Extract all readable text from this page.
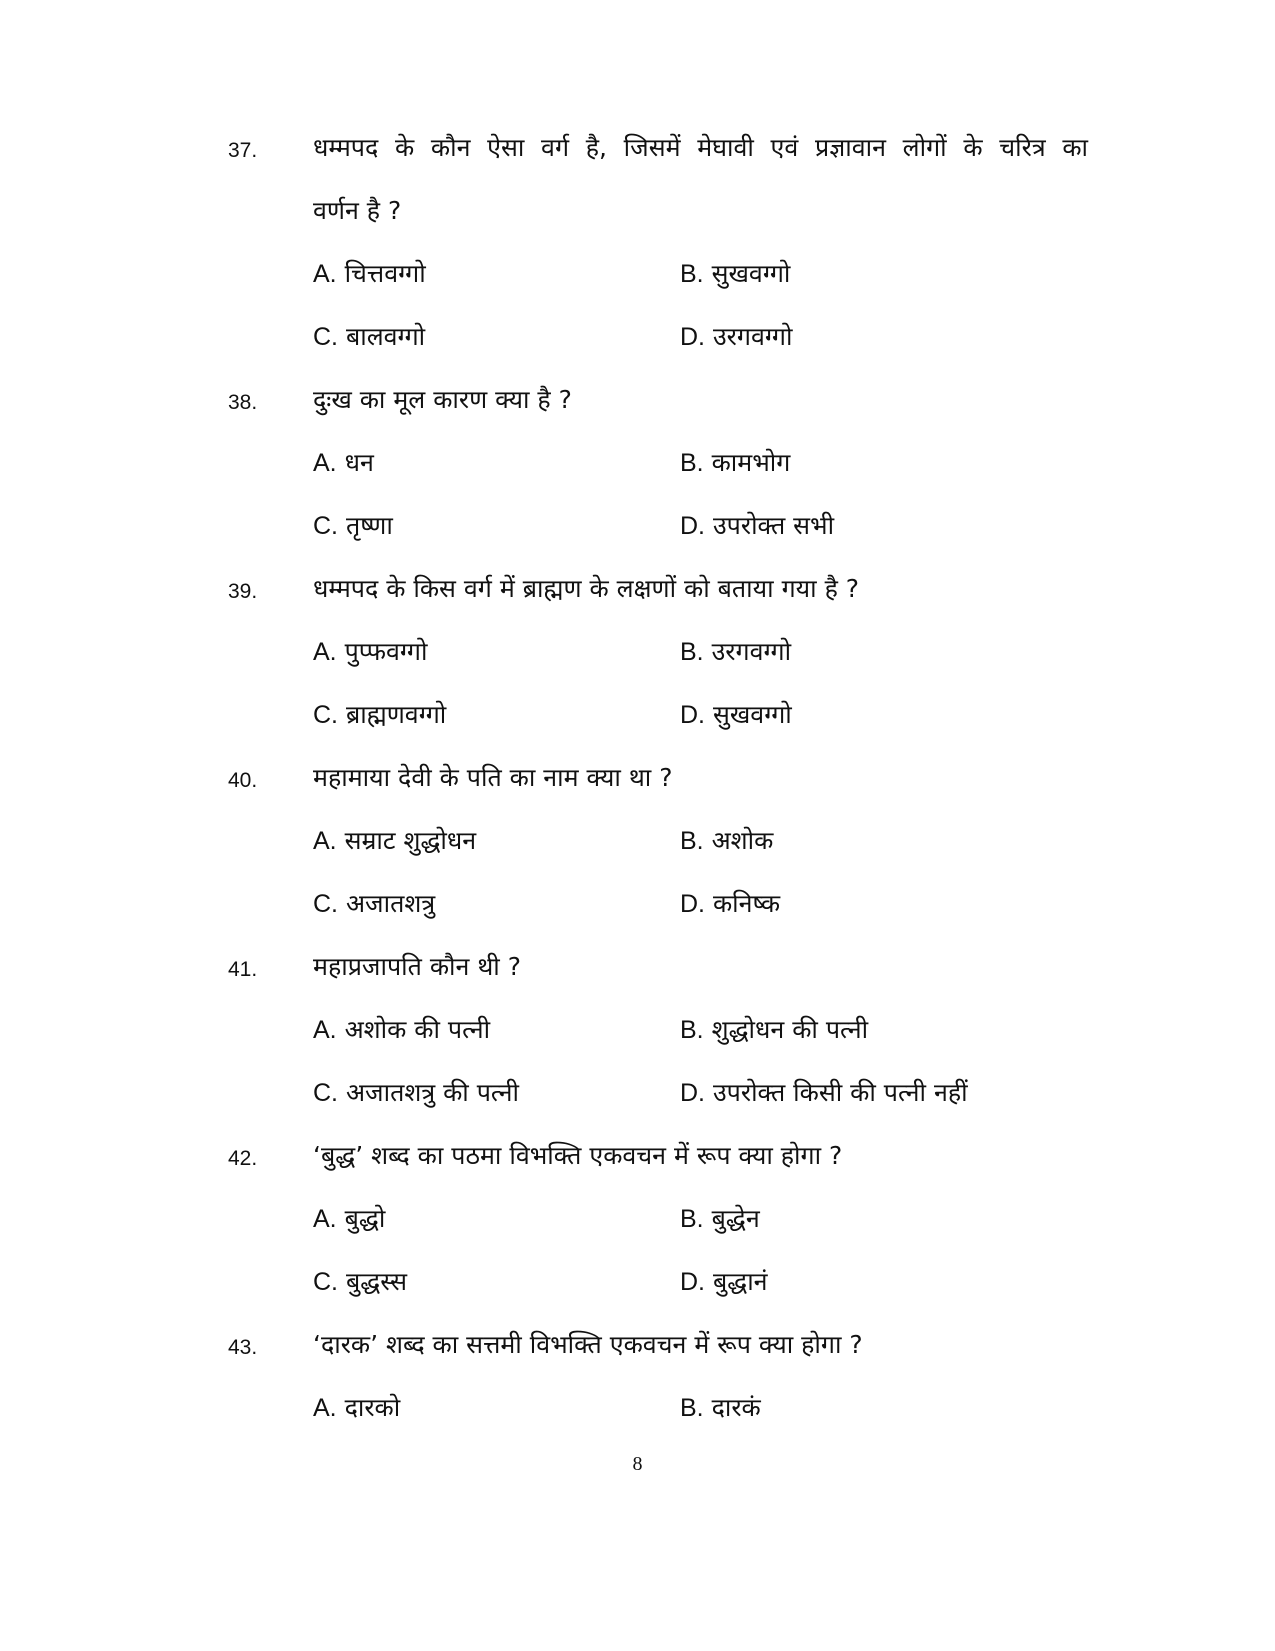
37. धम्मपद के कौन ऐसा वर्ग है, जिसमें मेघावी एवं प्रज्ञावान लोगों के चरित्र का
वर्णन है ?
A. चित्तवग्गो	B. सुखवग्गो
C. बालवग्गो	D. उरगवग्गो
38. दुःख का मूल कारण क्या है ?
A. धन	B. कामभोग
C. तृष्णा	D. उपरोक्त सभी
39. धम्मपद के किस वर्ग में ब्राह्मण के लक्षणों को बताया गया है ?
A. पुप्फवग्गो	B. उरगवग्गो
C. ब्राह्मणवग्गो	D. सुखवग्गो
40. महामाया देवी के पति का नाम क्या था ?
A. सम्राट शुद्धोधन	B. अशोक
C. अजातशत्रु	D. कनिष्क
41. महाप्रजापति कौन थी ?
A. अशोक की पत्नी	B. शुद्धोधन की पत्नी
C. अजातशत्रु की पत्नी	D. उपरोक्त किसी की पत्नी नहीं
42. ‘बुद्ध’ शब्द का पठमा विभक्ति एकवचन में रूप क्या होगा ?
A. बुद्धो	B. बुद्धेन
C. बुद्धस्स	D. बुद्धानं
43. ‘दारक’ शब्द का सत्तमी विभक्ति एकवचन में रूप क्या होगा ?
A. दारको	B. दारकं
8
